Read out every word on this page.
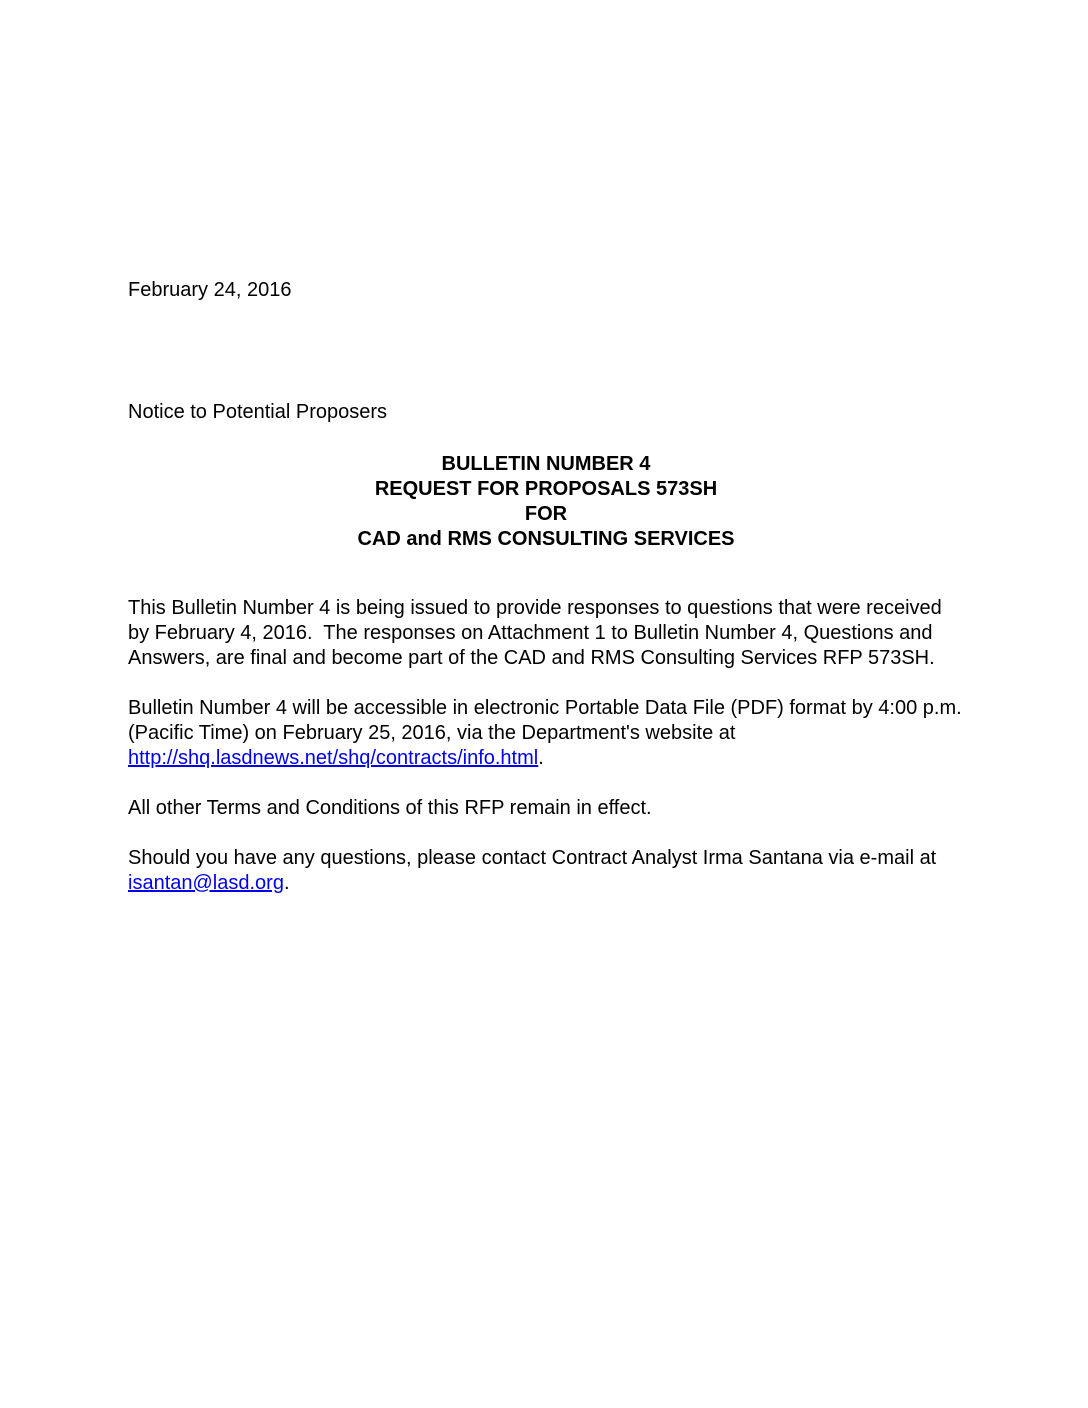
February 24, 2016
Notice to Potential Proposers
BULLETIN NUMBER 4
REQUEST FOR PROPOSALS 573SH
FOR
CAD and RMS CONSULTING SERVICES

This Bulletin Number 4 is being issued to provide responses to questions that were received by February 4, 2016.  The responses on Attachment 1 to Bulletin Number 4, Questions and Answers, are final and become part of the CAD and RMS Consulting Services RFP 573SH.

Bulletin Number 4 will be accessible in electronic Portable Data File (PDF) format by 4:00 p.m. (Pacific Time) on February 25, 2016, via the Department's website at http://shq.lasdnews.net/shq/contracts/info.html.

All other Terms and Conditions of this RFP remain in effect.

Should you have any questions, please contact Contract Analyst Irma Santana via e-mail at isantan@lasd.org.
